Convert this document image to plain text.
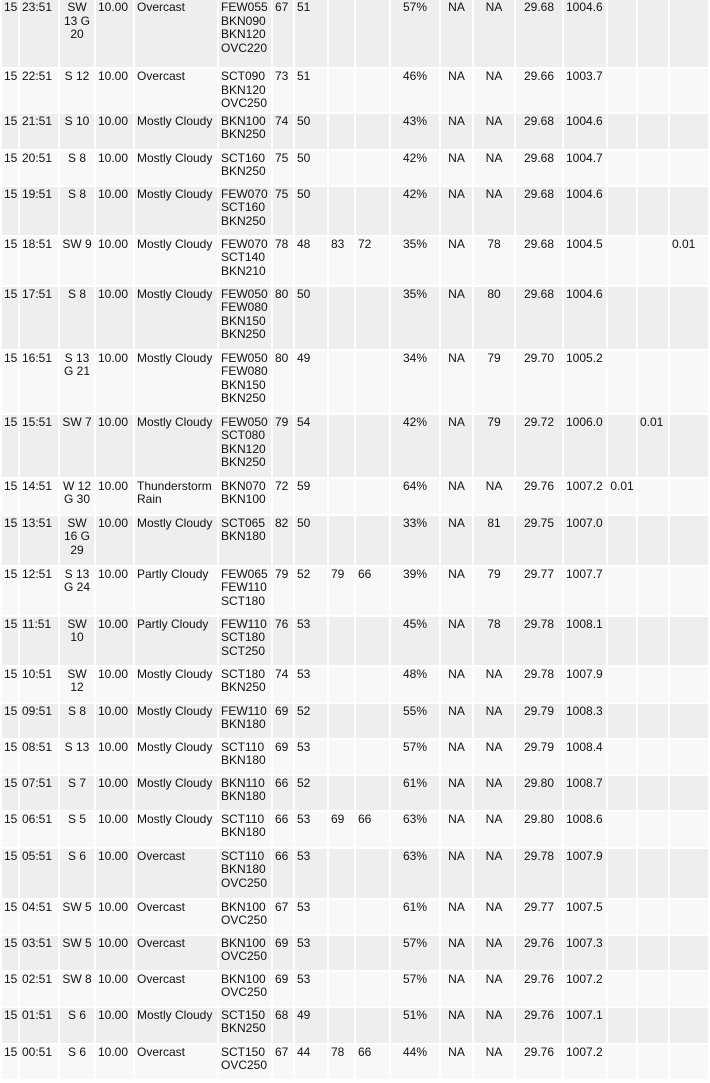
15	23:51	SW 13 G 20	10.00	Overcast	FEW055 BKN090 BKN120 OVC220	67	51			57%	NA	NA	29.68	1004.6			
15	22:51	S 12	10.00	Overcast	SCT090 BKN120 OVC250	73	51			46%	NA	NA	29.66	1003.7			
15	21:51	S 10	10.00	Mostly Cloudy	BKN100 BKN250	74	50			43%	NA	NA	29.68	1004.6			
15	20:51	S 8	10.00	Mostly Cloudy	SCT160 BKN250	75	50			42%	NA	NA	29.68	1004.7			
15	19:51	S 8	10.00	Mostly Cloudy	FEW070 SCT160 BKN250	75	50			42%	NA	NA	29.68	1004.6			
15	18:51	SW 9	10.00	Mostly Cloudy	FEW070 SCT140 BKN210	78	48	83	72	35%	NA	78	29.68	1004.5			0.01
15	17:51	S 8	10.00	Mostly Cloudy	FEW050 FEW080 BKN150 BKN250	80	50			35%	NA	80	29.68	1004.6			
15	16:51	S 13 G 21	10.00	Mostly Cloudy	FEW050 FEW080 BKN150 BKN250	80	49			34%	NA	79	29.70	1005.2			
15	15:51	SW 7	10.00	Mostly Cloudy	FEW050 SCT080 BKN120 BKN250	79	54			42%	NA	79	29.72	1006.0		0.01	
15	14:51	W 12 G 30	10.00	Thunderstorm Rain	BKN070 BKN100	72	59			64%	NA	NA	29.76	1007.2	0.01		
15	13:51	SW 16 G 29	10.00	Mostly Cloudy	SCT065 BKN180	82	50			33%	NA	81	29.75	1007.0			
15	12:51	S 13 G 24	10.00	Partly Cloudy	FEW065 FEW110 SCT180	79	52	79	66	39%	NA	79	29.77	1007.7			
15	11:51	SW 10	10.00	Partly Cloudy	FEW110 SCT180 SCT250	76	53			45%	NA	78	29.78	1008.1			
15	10:51	SW 12	10.00	Mostly Cloudy	SCT180 BKN250	74	53			48%	NA	NA	29.78	1007.9			
15	09:51	S 8	10.00	Mostly Cloudy	FEW110 BKN180	69	52			55%	NA	NA	29.79	1008.3			
15	08:51	S 13	10.00	Mostly Cloudy	SCT110 BKN180	69	53			57%	NA	NA	29.79	1008.4			
15	07:51	S 7	10.00	Mostly Cloudy	BKN110 BKN180	66	52			61%	NA	NA	29.80	1008.7			
15	06:51	S 5	10.00	Mostly Cloudy	SCT110 BKN180	66	53	69	66	63%	NA	NA	29.80	1008.6			
15	05:51	S 6	10.00	Overcast	SCT110 BKN180 OVC250	66	53			63%	NA	NA	29.78	1007.9			
15	04:51	SW 5	10.00	Overcast	BKN100 OVC250	67	53			61%	NA	NA	29.77	1007.5			
15	03:51	SW 5	10.00	Overcast	BKN100 OVC250	69	53			57%	NA	NA	29.76	1007.3			
15	02:51	SW 8	10.00	Overcast	BKN100 OVC250	69	53			57%	NA	NA	29.76	1007.2			
15	01:51	S 6	10.00	Mostly Cloudy	SCT150 BKN250	68	49			51%	NA	NA	29.76	1007.1			
15	00:51	S 6	10.00	Overcast	SCT150 OVC250	67	44	78	66	44%	NA	NA	29.76	1007.2			
